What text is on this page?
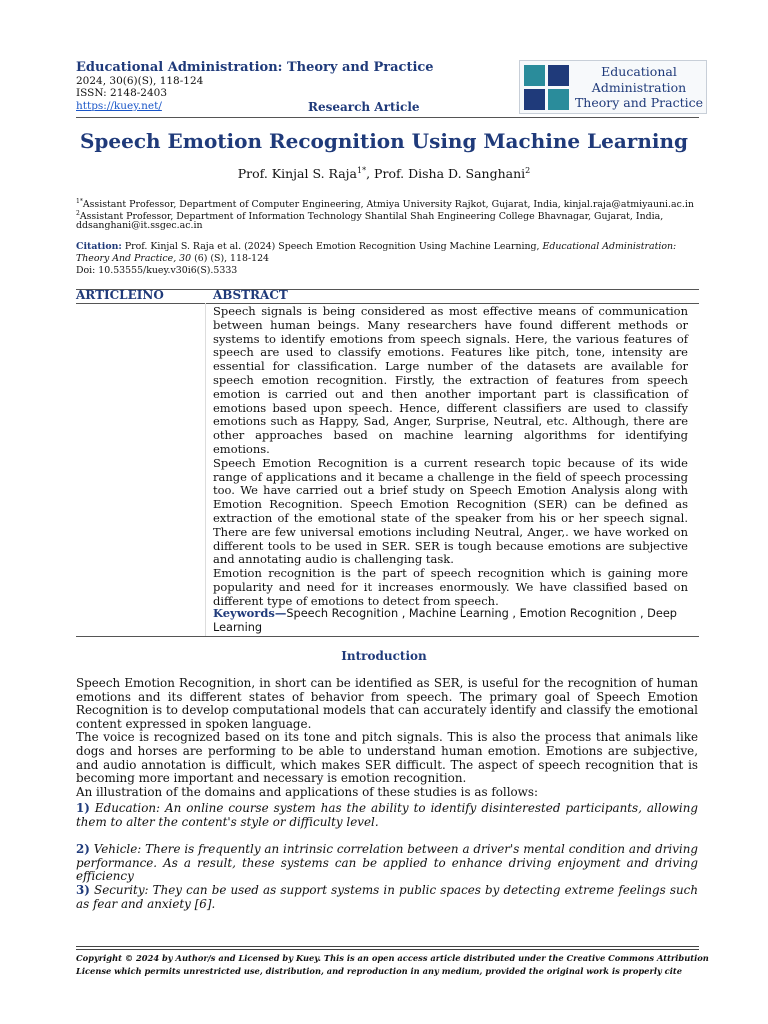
Educational Administration: Theory and Practice
2024, 30(6)(S), 118-124
ISSN: 2148-2403
https://kuey.net/	Research Article
Educational
Administration
Theory and Practice
Speech Emotion Recognition Using Machine Learning
Prof. Kinjal S. Raja$^{1*}$, Prof. Disha D. Sanghani$^2$
$^{1*}$Assistant Professor, Department of Computer Engineering, Atmiya University Rajkot, Gujarat, India, kinjal.raja@atmiyauni.ac.in
$^2$Assistant Professor, Department of Information Technology Shantilal Shah Engineering College Bhavnagar, Gujarat, India,
ddsanghani@it.ssgec.ac.in
Citation: Prof. Kinjal S. Raja et al. (2024) Speech Emotion Recognition Using Machine Learning, Educational Administration:
Theory And Practice, 30 (6) (S), 118-124
Doi: 10.53555/kuey.v30i6(S).5333
ARTICLEINO	ABSTRACT

Speech signals is being considered as most effective means of communication between human beings. Many researchers have found different methods or systems to identify emotions from speech signals. Here, the various features of speech are used to classify emotions. Features like pitch, tone, intensity are essential for classification. Large number of the datasets are available for speech emotion recognition. Firstly, the extraction of features from speech emotion is carried out and then another important part is classification of emotions based upon speech. Hence, different classifiers are used to classify emotions such as Happy, Sad, Anger, Surprise, Neutral, etc. Although, there are other approaches based on machine learning algorithms for identifying emotions.

Speech Emotion Recognition is a current research topic because of its wide range of applications and it became a challenge in the field of speech processing too. We have carried out a brief study on Speech Emotion Analysis along with Emotion Recognition. Speech Emotion Recognition (SER) can be defined as extraction of the emotional state of the speaker from his or her speech signal. There are few universal emotions including Neutral, Anger,. we have worked on different tools to be used in SER. SER is tough because emotions are subjective and annotating audio is challenging task.

Emotion recognition is the part of speech recognition which is gaining more popularity and need for it increases enormously. We have classified based on different type of emotions to detect from speech.

Keywords—Speech Recognition , Machine Learning , Emotion Recognition , Deep Learning
Introduction

Speech Emotion Recognition, in short can be identified as SER, is useful for the recognition of human emotions and its different states of behavior from speech. The primary goal of Speech Emotion Recognition is to develop computational models that can accurately identify and classify the emotional content expressed in spoken language.

The voice is recognized based on its tone and pitch signals. This is also the process that animals like dogs and horses are performing to be able to understand human emotion. Emotions are subjective, and audio annotation is difficult, which makes SER difficult. The aspect of speech recognition that is becoming more important and necessary is emotion recognition.

An illustration of the domains and applications of these studies is as follows:

1) Education: An online course system has the ability to identify disinterested participants, allowing them to alter the content's style or difficulty level.
2) Vehicle: There is frequently an intrinsic correlation between a driver's mental condition and driving performance. As a result, these systems can be applied to enhance driving enjoyment and driving efficiency
3) Security: They can be used as support systems in public spaces by detecting extreme feelings such as fear and anxiety [6].
Copyright © 2024 by Author/s and Licensed by Kuey. This is an open access article distributed under the Creative Commons Attribution
License which permits unrestricted use, distribution, and reproduction in any medium, provided the original work is properly cite
